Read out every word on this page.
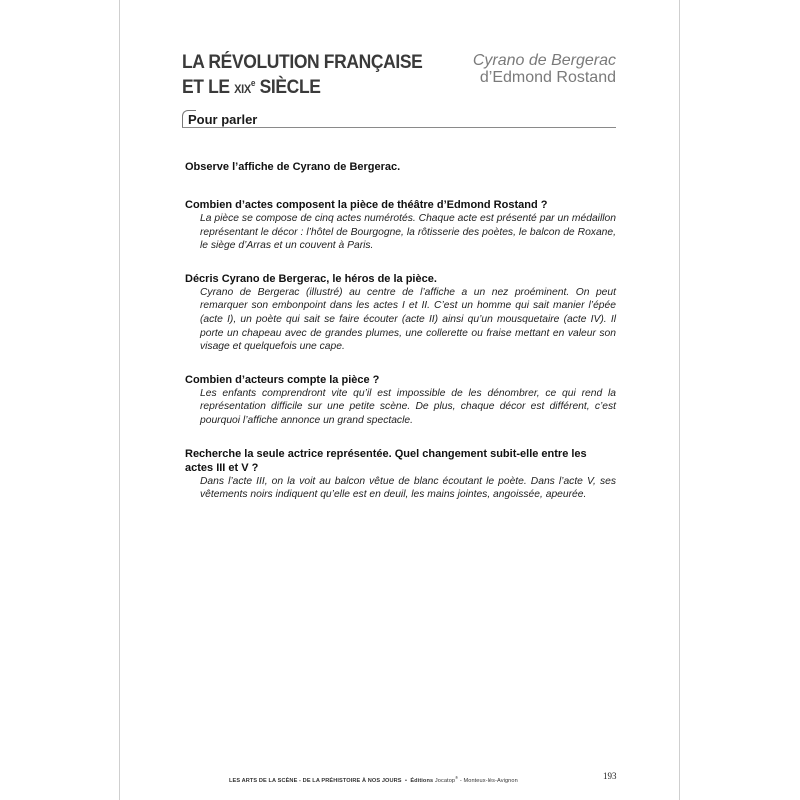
LA RÉVOLUTION FRANÇAISE
ET LE XIXe SIÈCLE
Cyrano de Bergerac
d’Edmond Rostand
Pour parler
Observe l’affiche de Cyrano de Bergerac.
Combien d’actes composent la pièce de théâtre d’Edmond Rostand ?
La pièce se compose de cinq actes numérotés. Chaque acte est présenté par un médaillon représentant le décor : l’hôtel de Bourgogne, la rôtisserie des poètes, le balcon de Roxane, le siège d’Arras et un couvent à Paris.
Décris Cyrano de Bergerac, le héros de la pièce.
Cyrano de Bergerac (illustré) au centre de l’affiche a un nez proéminent. On peut remarquer son embonpoint dans les actes I et II. C’est un homme qui sait manier l’épée (acte I), un poète qui sait se faire écouter (acte II) ainsi qu’un mousquetaire (acte IV). Il porte un chapeau avec de grandes plumes, une collerette ou fraise mettant en valeur son visage et quelquefois une cape.
Combien d’acteurs compte la pièce ?
Les enfants comprendront vite qu’il est impossible de les dénombrer, ce qui rend la représentation difficile sur une petite scène. De plus, chaque décor est différent, c’est pourquoi l’affiche annonce un grand spectacle.
Recherche la seule actrice représentée. Quel changement subit-elle entre les actes III et V ?
Dans l’acte III, on la voit au balcon vêtue de blanc écoutant le poète. Dans l’acte V, ses vêtements noirs indiquent qu’elle est en deuil, les mains jointes, angoissée, apeurée.
LES ARTS DE LA SCÈNE - DE LA PRÉHISTOIRE À NOS JOURS • Éditions Jocatop® - Monteux-lès-Avignon	193
